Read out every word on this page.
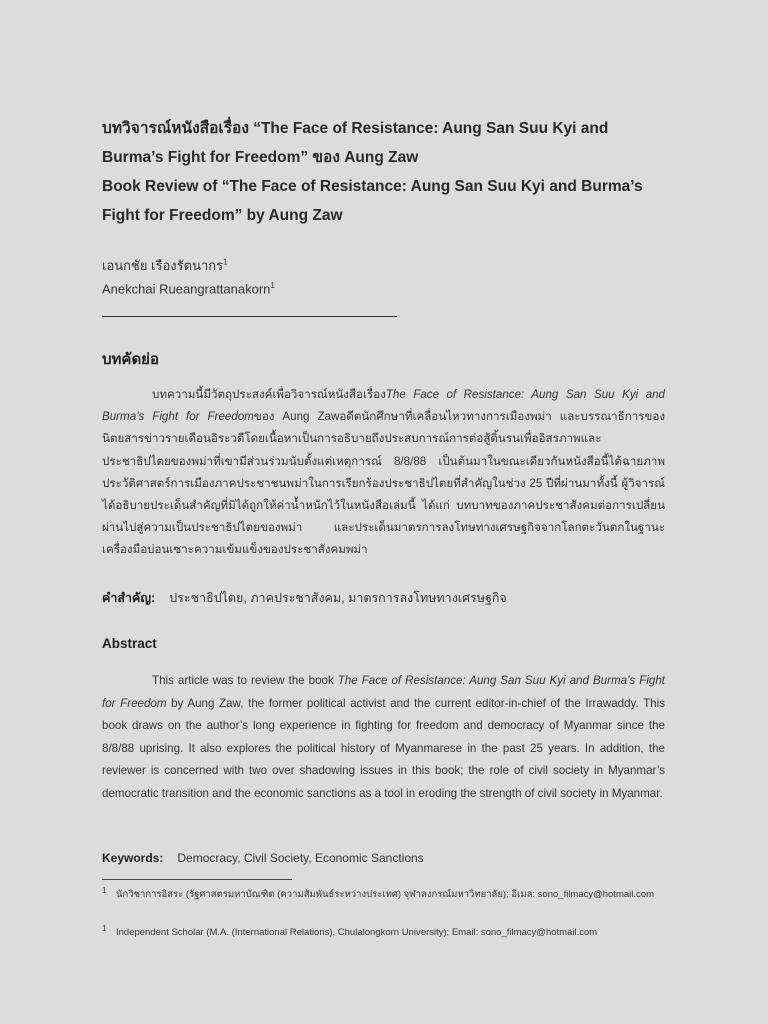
บทวิจารณ์หนังสือเรื่อง “The Face of Resistance: Aung San Suu Kyi and Burma’s Fight for Freedom” ของ Aung Zaw
Book Review of “The Face of Resistance: Aung San Suu Kyi and Burma’s Fight for Freedom” by Aung Zaw

เอนกชัย เรืองรัตนากร$^1$

Anekchai Rueangrattanakorn$^1$

บทคัดย่อ

บทความนี้มีวัตถุประสงค์เพื่อวิจารณ์หนังสือเรื่องThe Face of Resistance: Aung San Suu Kyi and Burma’s Fight for Freedomของ Aung Zawอดีตนักศึกษาที่เคลื่อนไหวทางการเมืองพม่า และบรรณาธิการของนิตยสารข่าวรายเดือนอิระวดีโดยเนื้อหาเป็นการอธิบายถึงประสบการณ์การต่อสู้ดิ้นรนเพื่ออิสรภาพและประชาธิปไตยของพม่าที่เขามีส่วนร่วมนับตั้งแต่เหตุการณ์ 8/8/88 เป็นต้นมาในขณะเดียวกันหนังสือนี้ได้ฉายภาพประวัติศาสตร์การเมืองภาคประชาชนพม่าในการเรียกร้องประชาธิปไตยที่สำคัญในช่วง 25 ปีที่ผ่านมาทั้งนี้ ผู้วิจารณ์ได้อธิบายประเด็นสำคัญที่มิได้ถูกให้ค่าน้ำหนักไว้ในหนังสือเล่มนี้ ได้แก่ บทบาทของภาคประชาสังคมต่อการเปลี่ยนผ่านไปสู่ความเป็นประชาธิปไตยของพม่า และประเด็นมาตรการลงโทษทางเศรษฐกิจจากโลกตะวันตกในฐานะเครื่องมือบ่อนเซาะความเข้มแข็งของประชาสังคมพม่า

คำสำคัญ: ประชาธิปไตย, ภาคประชาสังคม, มาตรการลงโทษทางเศรษฐกิจ

Abstract

This article was to review the book The Face of Resistance: Aung San Suu Kyi and Burma’s Fight for Freedom by Aung Zaw, the former political activist and the current editor-in-chief of the Irrawaddy. This book draws on the author’s long experience in fighting for freedom and democracy of Myanmar since the 8/8/88 uprising. It also explores the political history of Myanmarese in the past 25 years. In addition, the reviewer is concerned with two over shadowing issues in this book; the role of civil society in Myanmar’s democratic transition and the economic sanctions as a tool in eroding the strength of civil society in Myanmar.

Keywords: Democracy, Civil Society, Economic Sanctions

1	นักวิชาการอิสระ (รัฐศาสตรมหาบัณฑิต (ความสัมพันธ์ระหว่างประเทศ) จุฬาลงกรณ์มหาวิทยาลัย); อีเมล: sono_filmacy@hotmail.com

1	Independent Scholar (M.A. (International Relations), Chulalongkorn University); Email: sono_filmacy@hotmail.com
